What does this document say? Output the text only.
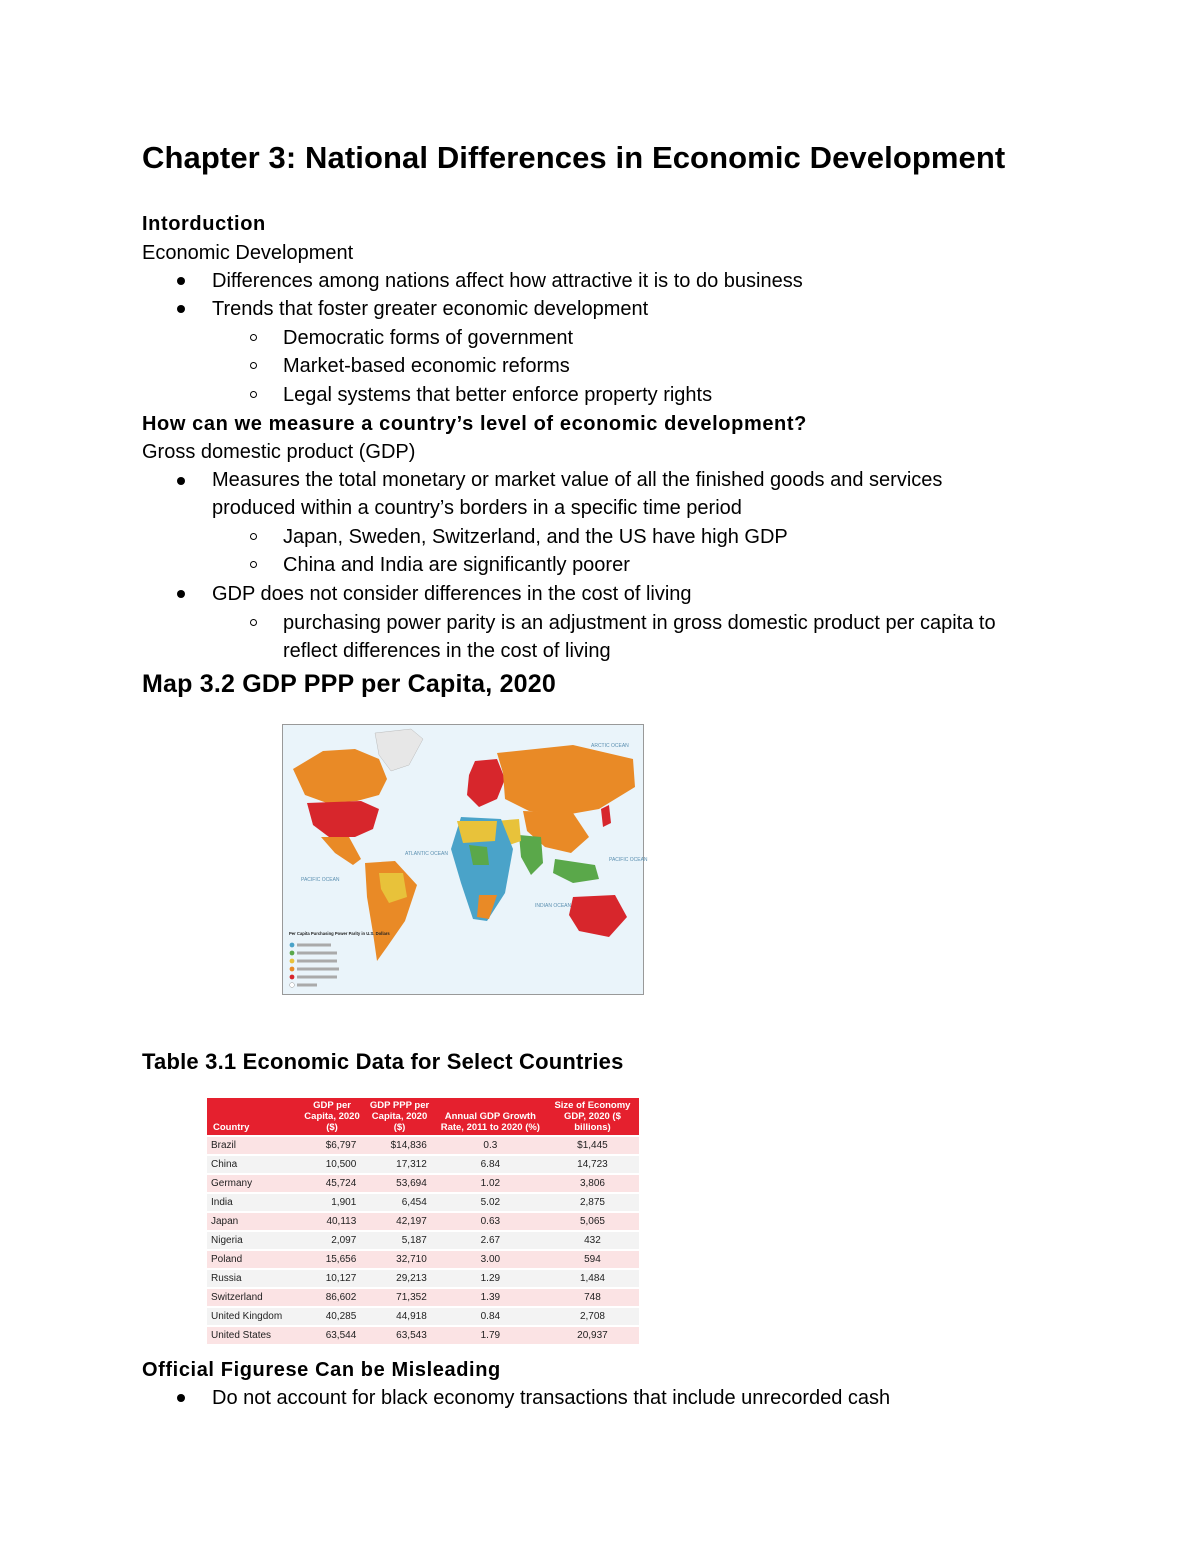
Chapter 3: National Differences in Economic Development
Intorduction
Economic Development
Differences among nations affect how attractive it is to do business
Trends that foster greater economic development
Democratic forms of government
Market-based economic reforms
Legal systems that better enforce property rights
How can we measure a country’s level of economic development?
Gross domestic product (GDP)
Measures the total monetary or market value of all the finished goods and services
produced within a country’s borders in a specific time period
Japan, Sweden, Switzerland, and the US have high GDP
China and India are significantly poorer
GDP does not consider differences in the cost of living
purchasing power parity is an adjustment in gross domestic product per capita to
reflect differences in the cost of living
Map 3.2 GDP PPP per Capita, 2020
ARCTIC OCEAN
ATLANTIC OCEAN
PACIFIC OCEAN
INDIAN OCEAN
PACIFIC OCEAN
Per Capita Purchasing Power Parity in U.S. Dollars
Table 3.1 Economic Data for Select Countries
Country	GDP per Capita, 2020 ($)	GDP PPP per Capita, 2020 ($)	Annual GDP Growth Rate, 2011 to 2020 (%)	Size of Economy GDP, 2020 ($ billions)
Brazil	$6,797	$14,836	0.3	$1,445
China	10,500	17,312	6.84	14,723
Germany	45,724	53,694	1.02	3,806
India	1,901	6,454	5.02	2,875
Japan	40,113	42,197	0.63	5,065
Nigeria	2,097	5,187	2.67	432
Poland	15,656	32,710	3.00	594
Russia	10,127	29,213	1.29	1,484
Switzerland	86,602	71,352	1.39	748
United Kingdom	40,285	44,918	0.84	2,708
United States	63,544	63,543	1.79	20,937
Official Figurese Can be Misleading
Do not account for black economy transactions that include unrecorded cash
